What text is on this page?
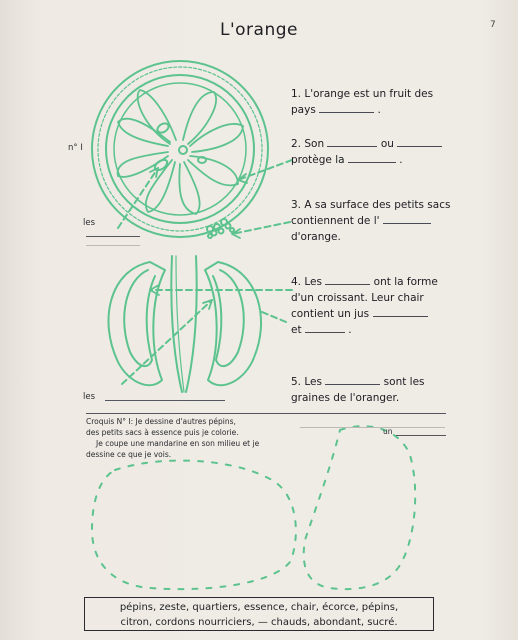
7
L'orange
n° I
les
les
1. L'orange est un fruit des
pays	.
2. Son	ou
protège la	.
3. A sa surface des petits sacs
contiennent de l'
d'orange.
4. Les	ont la forme
d'un croissant. Leur chair
contient un jus
et	.
5. Les	sont les
graines de l'oranger.
Croquis N° I: Je dessine d'autres pépins,
des petits sacs à essence puis je colorie.
Je coupe une mandarine en son milieu et je
dessine ce que je vois.
un
pépins, zeste, quartiers, essence, chair, écorce, pépins,
citron, cordons nourriciers, — chauds, abondant, sucré.
